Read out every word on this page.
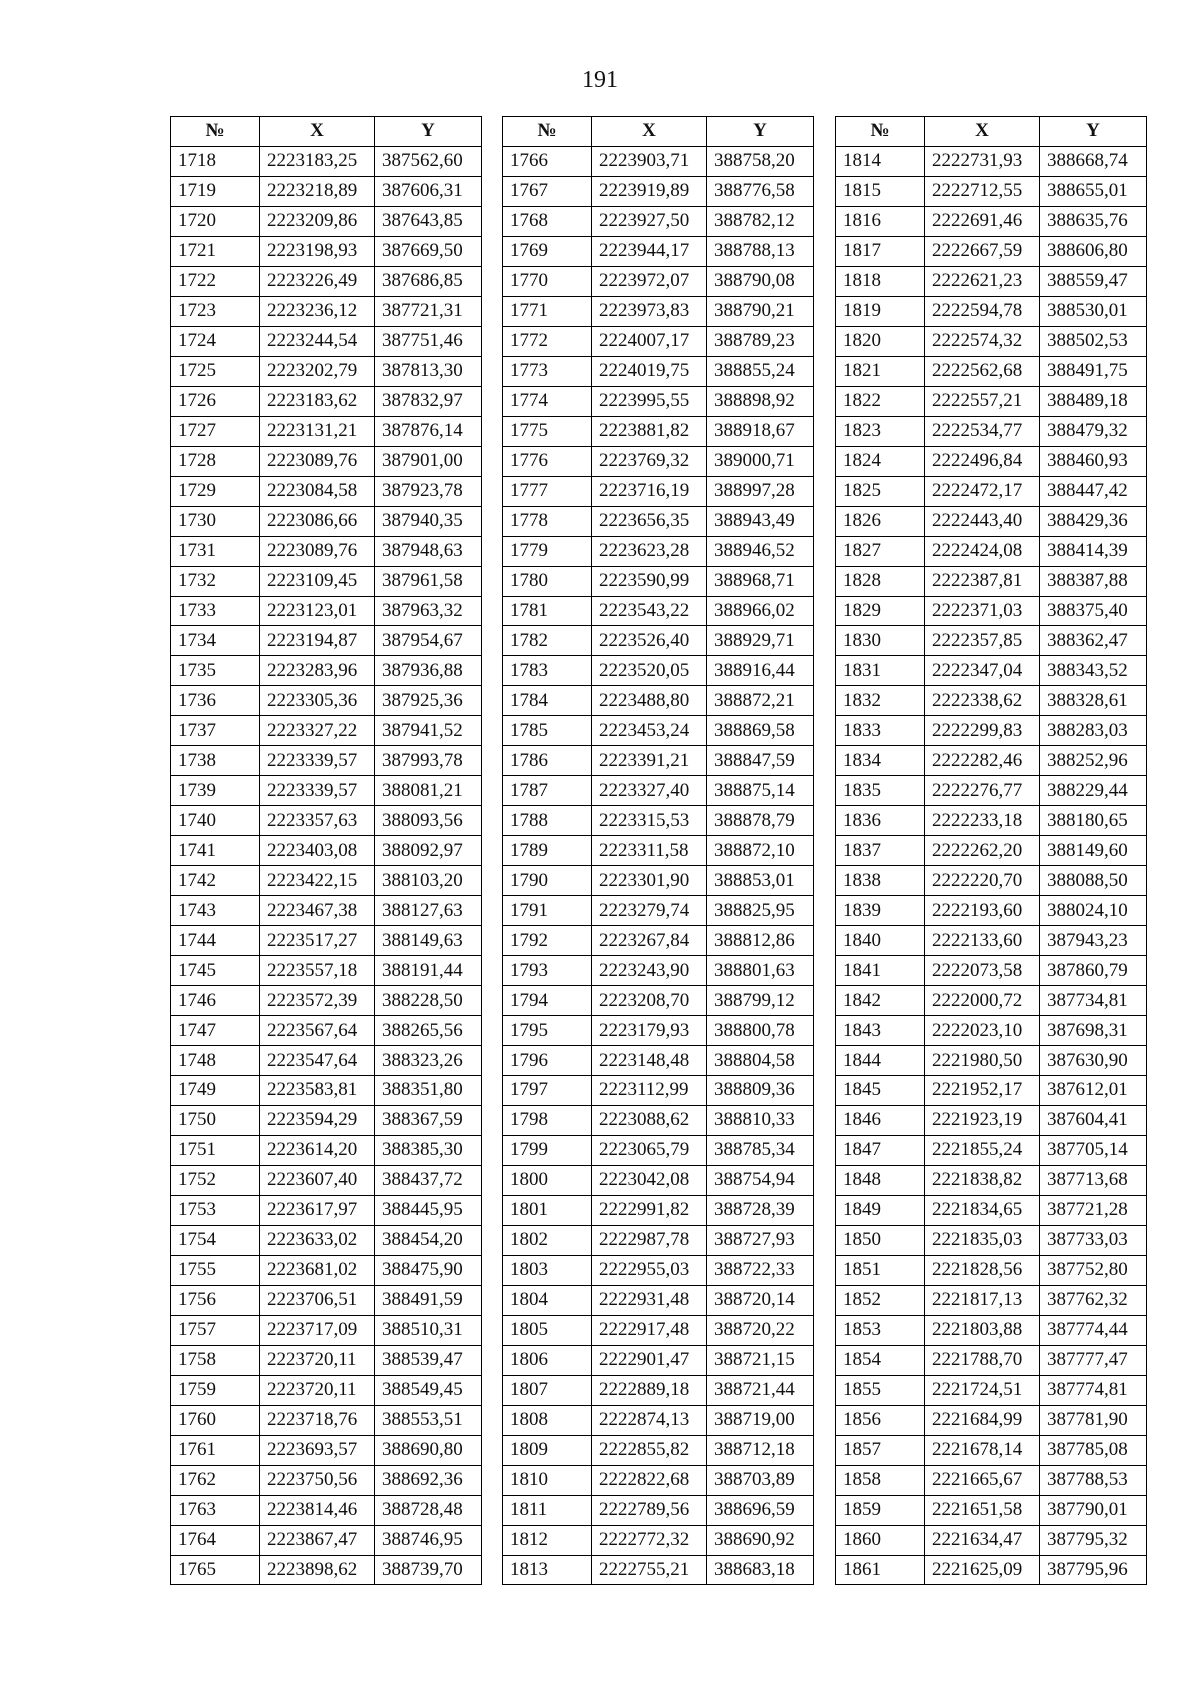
191
№	X	Y
1718	2223183,25	387562,60
1719	2223218,89	387606,31
1720	2223209,86	387643,85
1721	2223198,93	387669,50
1722	2223226,49	387686,85
1723	2223236,12	387721,31
1724	2223244,54	387751,46
1725	2223202,79	387813,30
1726	2223183,62	387832,97
1727	2223131,21	387876,14
1728	2223089,76	387901,00
1729	2223084,58	387923,78
1730	2223086,66	387940,35
1731	2223089,76	387948,63
1732	2223109,45	387961,58
1733	2223123,01	387963,32
1734	2223194,87	387954,67
1735	2223283,96	387936,88
1736	2223305,36	387925,36
1737	2223327,22	387941,52
1738	2223339,57	387993,78
1739	2223339,57	388081,21
1740	2223357,63	388093,56
1741	2223403,08	388092,97
1742	2223422,15	388103,20
1743	2223467,38	388127,63
1744	2223517,27	388149,63
1745	2223557,18	388191,44
1746	2223572,39	388228,50
1747	2223567,64	388265,56
1748	2223547,64	388323,26
1749	2223583,81	388351,80
1750	2223594,29	388367,59
1751	2223614,20	388385,30
1752	2223607,40	388437,72
1753	2223617,97	388445,95
1754	2223633,02	388454,20
1755	2223681,02	388475,90
1756	2223706,51	388491,59
1757	2223717,09	388510,31
1758	2223720,11	388539,47
1759	2223720,11	388549,45
1760	2223718,76	388553,51
1761	2223693,57	388690,80
1762	2223750,56	388692,36
1763	2223814,46	388728,48
1764	2223867,47	388746,95
1765	2223898,62	388739,70
№	X	Y
1766	2223903,71	388758,20
1767	2223919,89	388776,58
1768	2223927,50	388782,12
1769	2223944,17	388788,13
1770	2223972,07	388790,08
1771	2223973,83	388790,21
1772	2224007,17	388789,23
1773	2224019,75	388855,24
1774	2223995,55	388898,92
1775	2223881,82	388918,67
1776	2223769,32	389000,71
1777	2223716,19	388997,28
1778	2223656,35	388943,49
1779	2223623,28	388946,52
1780	2223590,99	388968,71
1781	2223543,22	388966,02
1782	2223526,40	388929,71
1783	2223520,05	388916,44
1784	2223488,80	388872,21
1785	2223453,24	388869,58
1786	2223391,21	388847,59
1787	2223327,40	388875,14
1788	2223315,53	388878,79
1789	2223311,58	388872,10
1790	2223301,90	388853,01
1791	2223279,74	388825,95
1792	2223267,84	388812,86
1793	2223243,90	388801,63
1794	2223208,70	388799,12
1795	2223179,93	388800,78
1796	2223148,48	388804,58
1797	2223112,99	388809,36
1798	2223088,62	388810,33
1799	2223065,79	388785,34
1800	2223042,08	388754,94
1801	2222991,82	388728,39
1802	2222987,78	388727,93
1803	2222955,03	388722,33
1804	2222931,48	388720,14
1805	2222917,48	388720,22
1806	2222901,47	388721,15
1807	2222889,18	388721,44
1808	2222874,13	388719,00
1809	2222855,82	388712,18
1810	2222822,68	388703,89
1811	2222789,56	388696,59
1812	2222772,32	388690,92
1813	2222755,21	388683,18
№	X	Y
1814	2222731,93	388668,74
1815	2222712,55	388655,01
1816	2222691,46	388635,76
1817	2222667,59	388606,80
1818	2222621,23	388559,47
1819	2222594,78	388530,01
1820	2222574,32	388502,53
1821	2222562,68	388491,75
1822	2222557,21	388489,18
1823	2222534,77	388479,32
1824	2222496,84	388460,93
1825	2222472,17	388447,42
1826	2222443,40	388429,36
1827	2222424,08	388414,39
1828	2222387,81	388387,88
1829	2222371,03	388375,40
1830	2222357,85	388362,47
1831	2222347,04	388343,52
1832	2222338,62	388328,61
1833	2222299,83	388283,03
1834	2222282,46	388252,96
1835	2222276,77	388229,44
1836	2222233,18	388180,65
1837	2222262,20	388149,60
1838	2222220,70	388088,50
1839	2222193,60	388024,10
1840	2222133,60	387943,23
1841	2222073,58	387860,79
1842	2222000,72	387734,81
1843	2222023,10	387698,31
1844	2221980,50	387630,90
1845	2221952,17	387612,01
1846	2221923,19	387604,41
1847	2221855,24	387705,14
1848	2221838,82	387713,68
1849	2221834,65	387721,28
1850	2221835,03	387733,03
1851	2221828,56	387752,80
1852	2221817,13	387762,32
1853	2221803,88	387774,44
1854	2221788,70	387777,47
1855	2221724,51	387774,81
1856	2221684,99	387781,90
1857	2221678,14	387785,08
1858	2221665,67	387788,53
1859	2221651,58	387790,01
1860	2221634,47	387795,32
1861	2221625,09	387795,96
